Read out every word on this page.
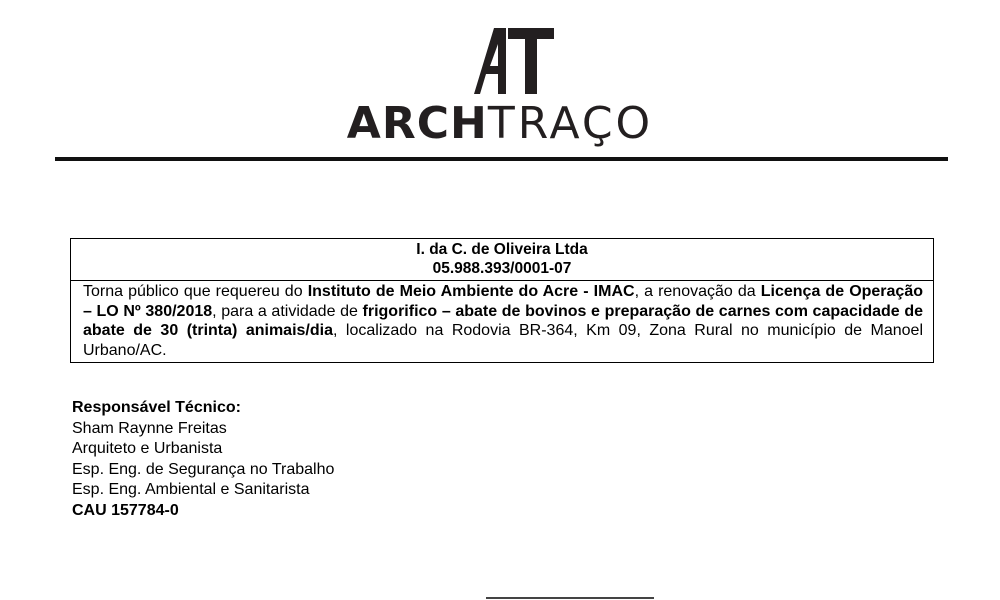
ARCHTRAÇO
I. da C. de Oliveira Ltda
05.988.393/0001-07
Torna público que requereu do Instituto de Meio Ambiente do Acre - IMAC, a renovação da Licença de Operação – LO Nº 380/2018, para a atividade de frigorifico – abate de bovinos e preparação de carnes com capacidade de abate de 30 (trinta) animais/dia, localizado na Rodovia BR-364, Km 09, Zona Rural no município de Manoel Urbano/AC.
Responsável Técnico:
Sham Raynne Freitas
Arquiteto e Urbanista
Esp. Eng. de Segurança no Trabalho
Esp. Eng. Ambiental e Sanitarista
CAU 157784-0
